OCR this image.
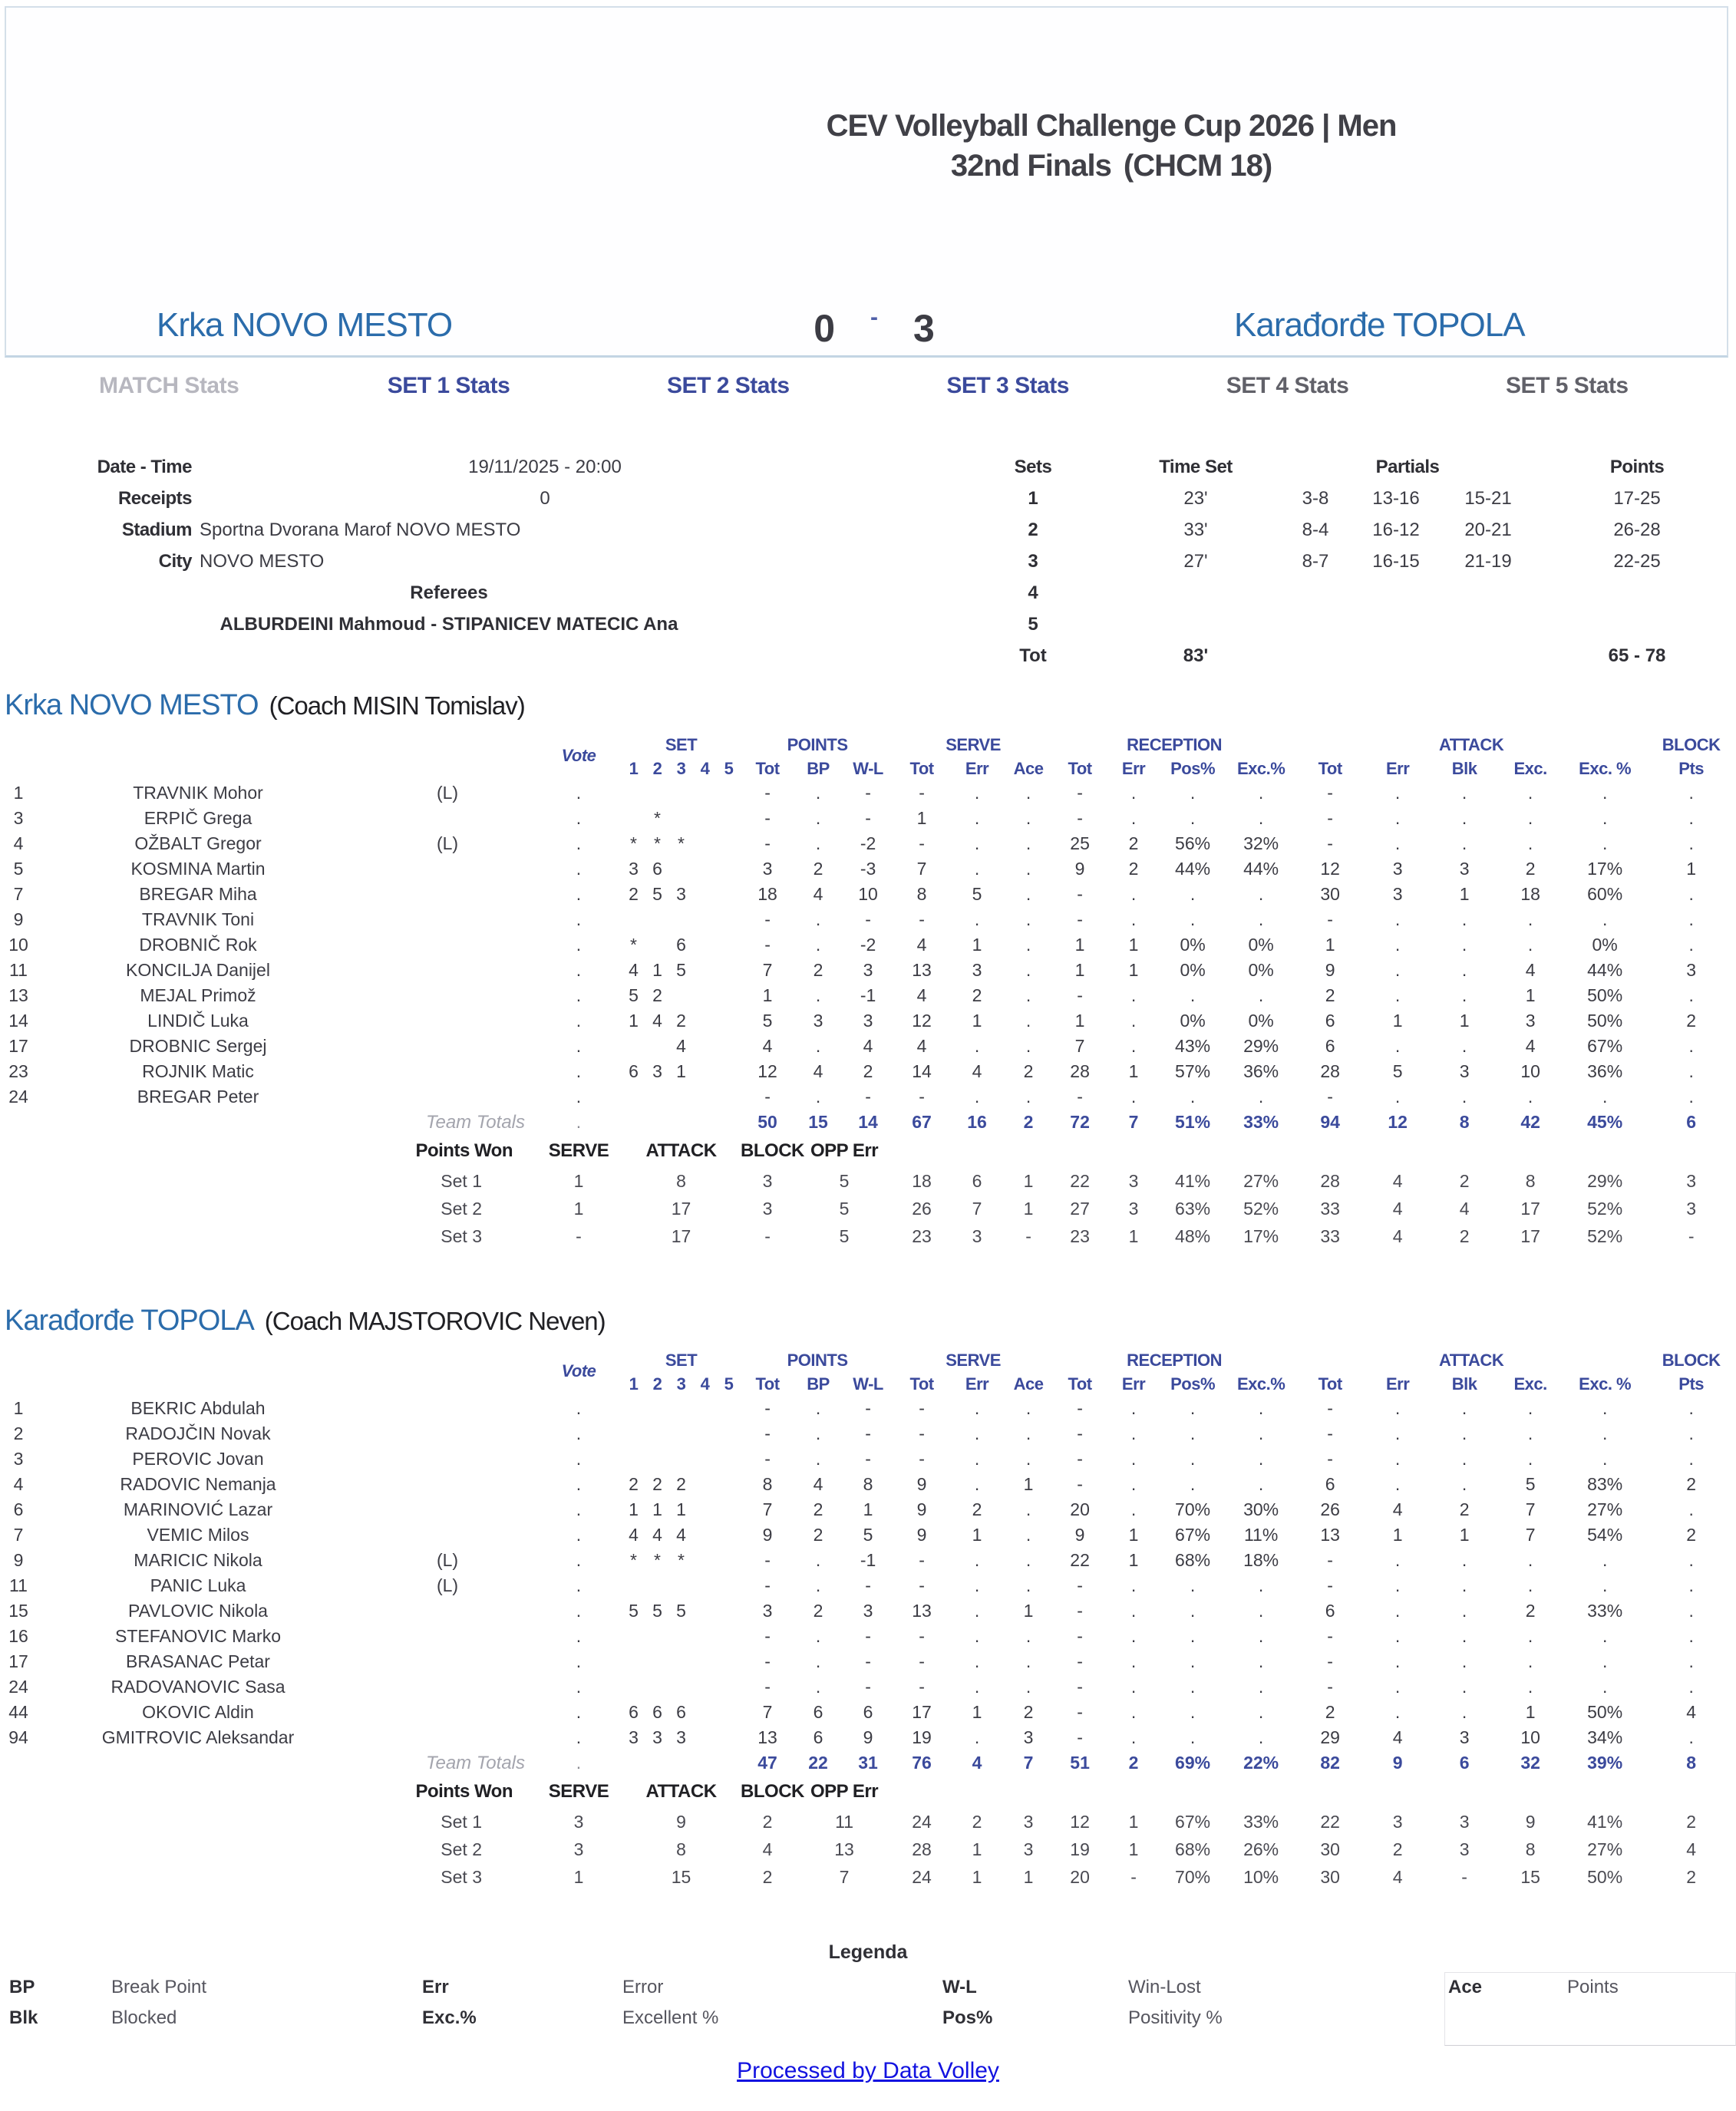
CEV Volleyball Challenge Cup 2026 | Men
32nd Finals (CHCM 18)
Krka NOVO MESTO	0 - 3	Karađorđe TOPOLA
MATCH Stats	SET 1 Stats	SET 2 Stats	SET 3 Stats	SET 4 Stats	SET 5 Stats
Date - Time	19/11/2025 - 20:00
Receipts	0
Stadium	Sportna Dvorana Marof NOVO MESTO
City	NOVO MESTO
Referees	
ALBURDEINI Mahmoud - STIPANICEV MATECIC Ana	
Sets	Time Set	Partials			Points
1	23'	3-8	13-16	15-21	17-25
2	33'	8-4	16-12	20-21	26-28
3	27'	8-7	16-15	21-19	22-25
4					
5					
Tot	83'				65 - 78
Krka NOVO MESTO (Coach MISIN Tomislav)
			Vote	SET					POINTS			SERVE			RECEPTION				ATTACK					BLOCK
				1	2	3	4	5	Tot	BP	W-L	Tot	Err	Ace	Tot	Err	Pos%	Exc.%	Tot	Err	Blk	Exc.	Exc. %	Pts
1	TRAVNIK Mohor	(L)	.						-	.	-	-	.	.	-	.	.	.	-	.	.	.	.	.
3	ERPIČ Grega		.		*				-	.	-	1	.	.	-	.	.	.	-	.	.	.	.	.
4	OŽBALT Gregor	(L)	.	*	*	*			-	.	-2	-	.	.	25	2	56%	32%	-	.	.	.	.	.
5	KOSMINA Martin		.	3	6				3	2	-3	7	.	.	9	2	44%	44%	12	3	3	2	17%	1
7	BREGAR Miha		.	2	5	3			18	4	10	8	5	.	-	.	.	.	30	3	1	18	60%	.
9	TRAVNIK Toni		.						-	.	-	-	.	.	-	.	.	.	-	.	.	.	.	.
10	DROBNIČ Rok		.	*		6			-	.	-2	4	1	.	1	1	0%	0%	1	.	.	.	0%	.
11	KONCILJA Danijel		.	4	1	5			7	2	3	13	3	.	1	1	0%	0%	9	.	.	4	44%	3
13	MEJAL Primož		.	5	2				1	.	-1	4	2	.	-	.	.	.	2	.	.	1	50%	.
14	LINDIČ Luka		.	1	4	2			5	3	3	12	1	.	1	.	0%	0%	6	1	1	3	50%	2
17	DROBNIC Sergej		.			4			4	.	4	4	.	.	7	.	43%	29%	6	.	.	4	67%	.
23	ROJNIK Matic		.	6	3	1			12	4	2	14	4	2	28	1	57%	36%	28	5	3	10	36%	.
24	BREGAR Peter		.						-	.	-	-	.	.	-	.	.	.	-	.	.	.	.	.
Team Totals			.						50	15	14	67	16	2	72	7	51%	33%	94	12	8	42	45%	6
Points Won			SERVE	ATTACK					BLOCK	OPP Err														
Set 1			1	8					3	5		18	6	1	22	3	41%	27%	28	4	2	8	29%	3
Set 2			1	17					3	5		26	7	1	27	3	63%	52%	33	4	4	17	52%	3
Set 3			-	17					-	5		23	3	-	23	1	48%	17%	33	4	2	17	52%	-
Karađorđe TOPOLA (Coach MAJSTOROVIC Neven)
			Vote	SET					POINTS			SERVE			RECEPTION				ATTACK					BLOCK
				1	2	3	4	5	Tot	BP	W-L	Tot	Err	Ace	Tot	Err	Pos%	Exc.%	Tot	Err	Blk	Exc.	Exc. %	Pts
1	BEKRIC Abdulah		.						-	.	-	-	.	.	-	.	.	.	-	.	.	.	.	.
2	RADOJČIN Novak		.						-	.	-	-	.	.	-	.	.	.	-	.	.	.	.	.
3	PEROVIC Jovan		.						-	.	-	-	.	.	-	.	.	.	-	.	.	.	.	.
4	RADOVIC Nemanja		.	2	2	2			8	4	8	9	.	1	-	.	.	.	6	.	.	5	83%	2
6	MARINOVIĆ Lazar		.	1	1	1			7	2	1	9	2	.	20	.	70%	30%	26	4	2	7	27%	.
7	VEMIC Milos		.	4	4	4			9	2	5	9	1	.	9	1	67%	11%	13	1	1	7	54%	2
9	MARICIC Nikola	(L)	.	*	*	*			-	.	-1	-	.	.	22	1	68%	18%	-	.	.	.	.	.
11	PANIC Luka	(L)	.						-	.	-	-	.	.	-	.	.	.	-	.	.	.	.	.
15	PAVLOVIC Nikola		.	5	5	5			3	2	3	13	.	1	-	.	.	.	6	.	.	2	33%	.
16	STEFANOVIC Marko		.						-	.	-	-	.	.	-	.	.	.	-	.	.	.	.	.
17	BRASANAC Petar		.						-	.	-	-	.	.	-	.	.	.	-	.	.	.	.	.
24	RADOVANOVIC Sasa		.						-	.	-	-	.	.	-	.	.	.	-	.	.	.	.	.
44	OKOVIC Aldin		.	6	6	6			7	6	6	17	1	2	-	.	.	.	2	.	.	1	50%	4
94	GMITROVIC Aleksandar		.	3	3	3			13	6	9	19	.	3	-	.	.	.	29	4	3	10	34%	.
Team Totals			.						47	22	31	76	4	7	51	2	69%	22%	82	9	6	32	39%	8
Points Won			SERVE	ATTACK					BLOCK	OPP Err														
Set 1			3	9					2	11		24	2	3	12	1	67%	33%	22	3	3	9	41%	2
Set 2			3	8					4	13		28	1	3	19	1	68%	26%	30	2	3	8	27%	4
Set 3			1	15					2	7		24	1	1	20	-	70%	10%	30	4	-	15	50%	2
Legenda
BP	Break Point	Err	Error	W-L	Win-Lost	Ace	Points
Blk	Blocked	Exc.%	Excellent %	Pos%	Positivity %
Processed by Data Volley
